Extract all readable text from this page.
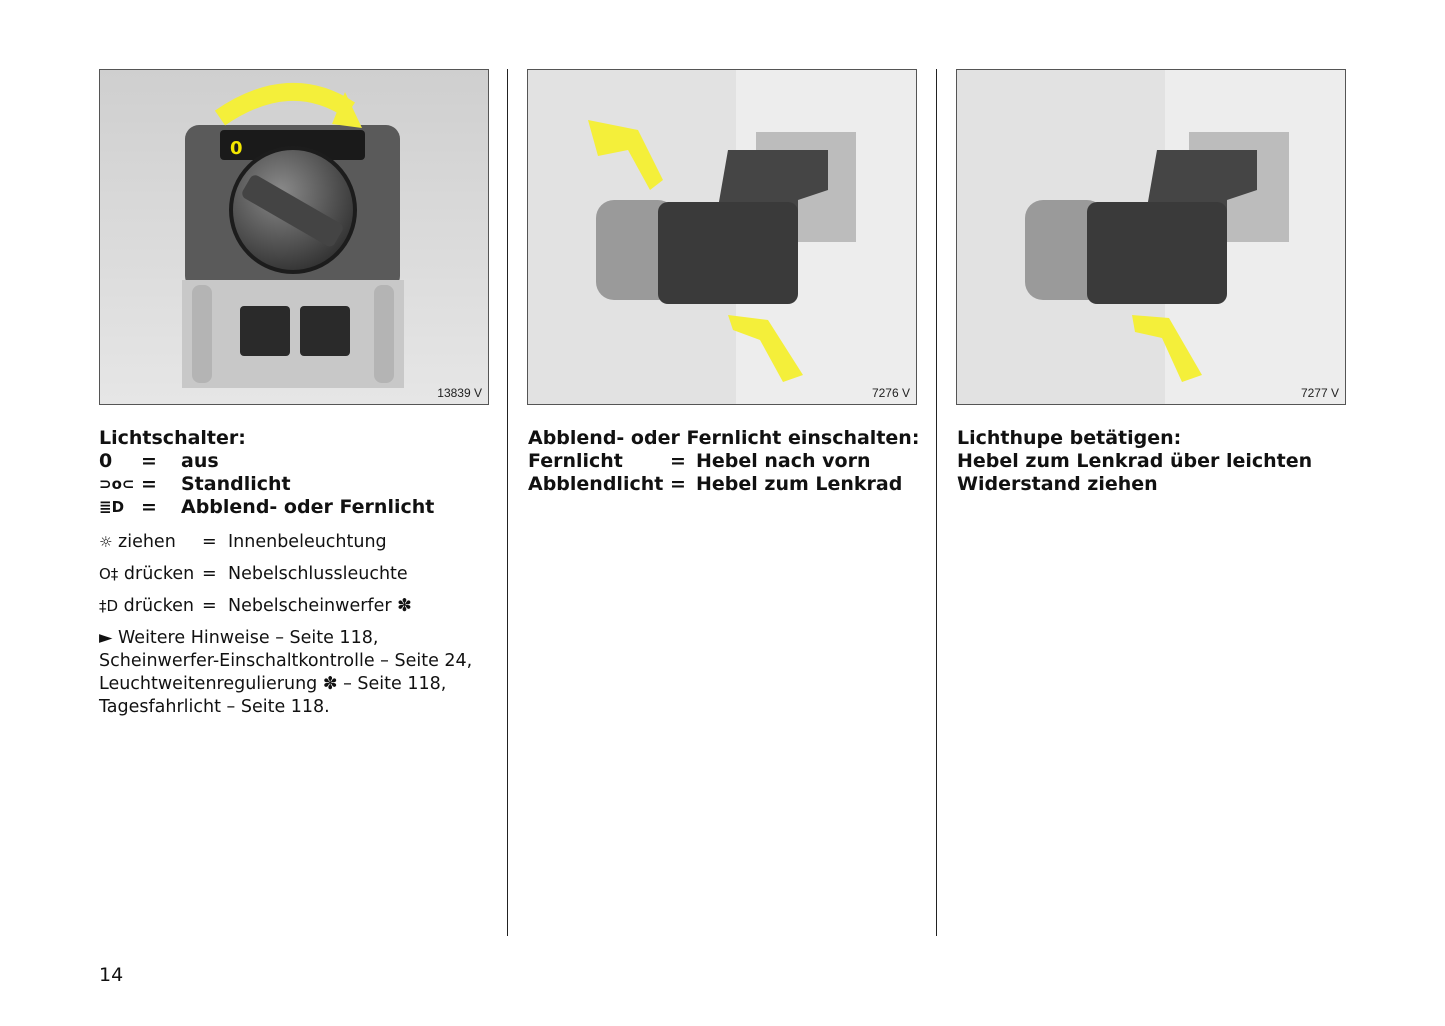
0
13839 V	7276 V	7277 V
Lichtschalter:
0	=	aus
⊃o⊂ =	Standlicht
≣D =	Abblend- oder Fernlicht
☼ ziehen	= Innenbeleuchtung
O‡ drücken = Nebelschlussleuchte
‡D drücken = Nebelscheinwerfer ✽
► Weitere Hinweise – Seite 118,
Scheinwerfer-Einschaltkontrolle – Seite 24,
Leuchtweitenregulierung ✽ – Seite 118,
Tagesfahrlicht – Seite 118.
Abblend- oder Fernlicht einschalten:
Fernlicht	= Hebel nach vorn
Abblendlicht = Hebel zum Lenkrad
Lichthupe betätigen:
Hebel zum Lenkrad über leichten
Widerstand ziehen
14
